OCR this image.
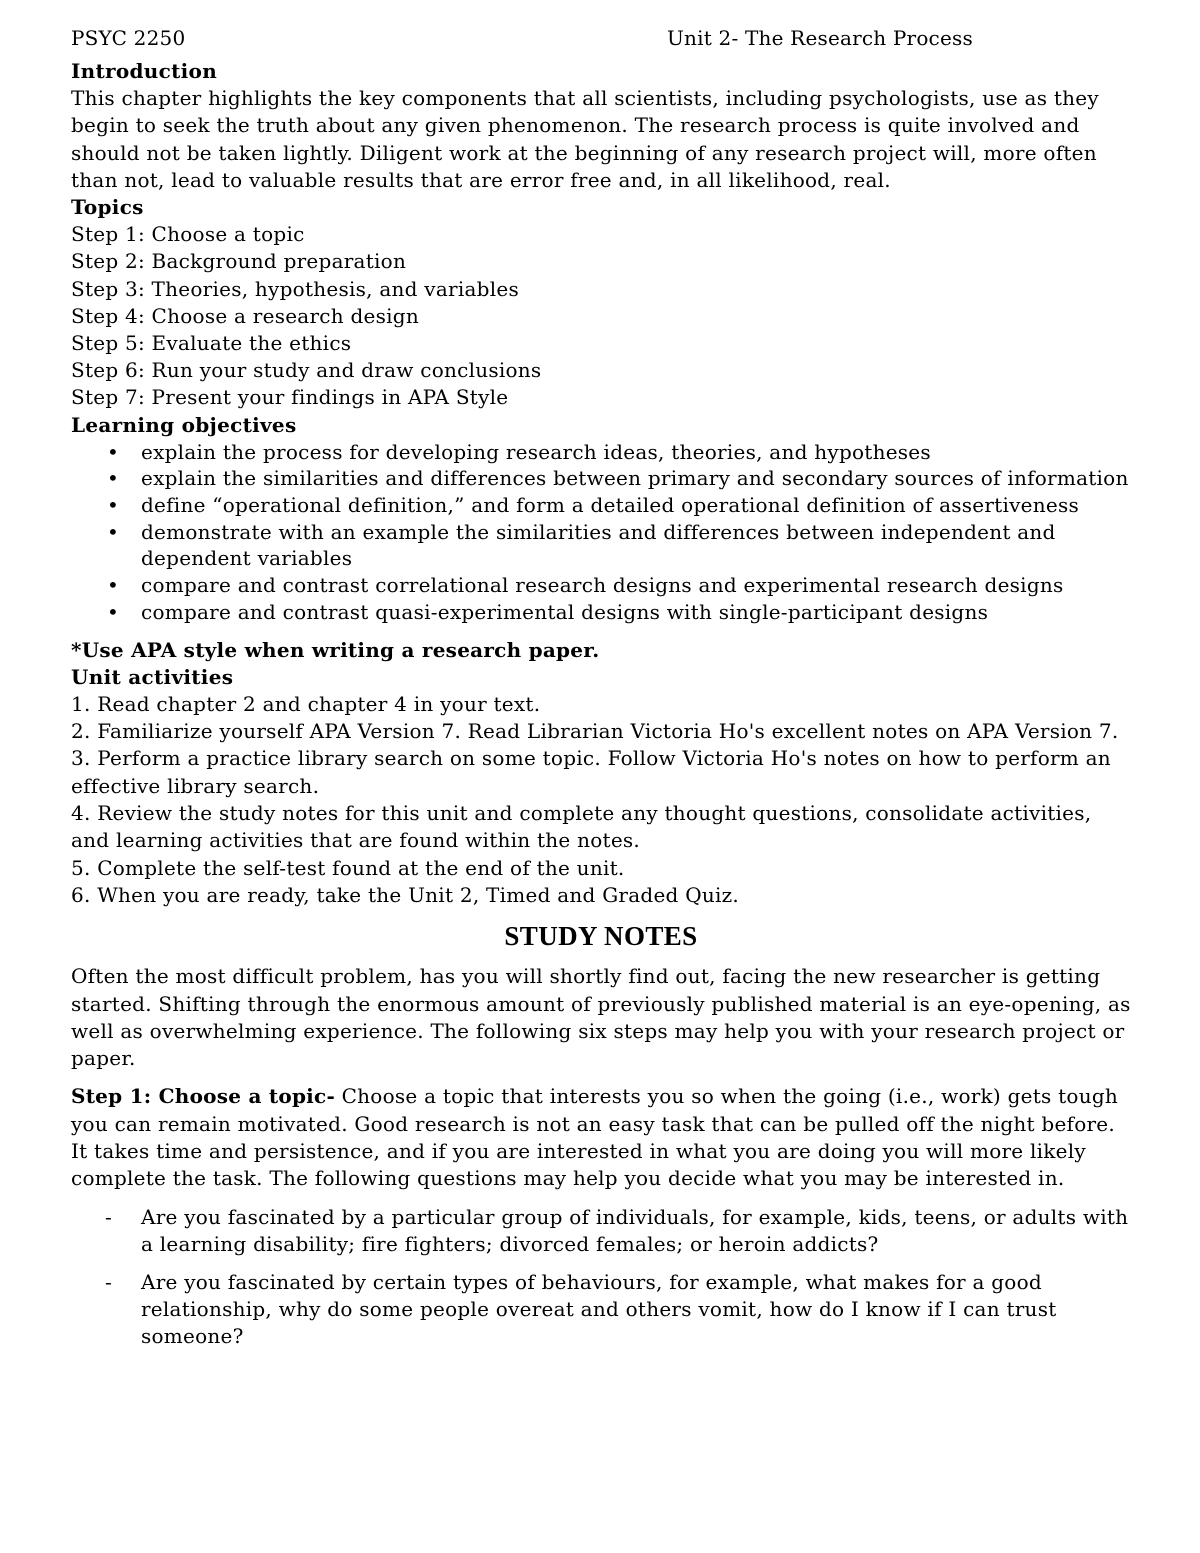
PSYC 2250	Unit 2- The Research Process
Introduction

This chapter highlights the key components that all scientists, including psychologists, use as they begin to seek the truth about any given phenomenon. The research process is quite involved and should not be taken lightly. Diligent work at the beginning of any research project will, more often than not, lead to valuable results that are error free and, in all likelihood, real.

Topics
Step 1: Choose a topic
Step 2: Background preparation
Step 3: Theories, hypothesis, and variables
Step 4: Choose a research design
Step 5: Evaluate the ethics
Step 6: Run your study and draw conclusions
Step 7: Present your findings in APA Style
Learning objectives
• explain the process for developing research ideas, theories, and hypotheses
• explain the similarities and differences between primary and secondary sources of information
• define “operational definition,” and form a detailed operational definition of assertiveness
• demonstrate with an example the similarities and differences between independent and dependent variables
• compare and contrast correlational research designs and experimental research designs
• compare and contrast quasi-experimental designs with single-participant designs

*Use APA style when writing a research paper.

Unit activities
1. Read chapter 2 and chapter 4 in your text.
2. Familiarize yourself APA Version 7. Read Librarian Victoria Ho's excellent notes on APA Version 7.
3. Perform a practice library search on some topic. Follow Victoria Ho's notes on how to perform an effective library search.
4. Review the study notes for this unit and complete any thought questions, consolidate activities, and learning activities that are found within the notes.
5. Complete the self-test found at the end of the unit.
6. When you are ready, take the Unit 2, Timed and Graded Quiz.
STUDY NOTES

Often the most difficult problem, has you will shortly find out, facing the new researcher is getting started. Shifting through the enormous amount of previously published material is an eye-opening, as well as overwhelming experience. The following six steps may help you with your research project or paper.

Step 1: Choose a topic- Choose a topic that interests you so when the going (i.e., work) gets tough you can remain motivated. Good research is not an easy task that can be pulled off the night before. It takes time and persistence, and if you are interested in what you are doing you will more likely complete the task. The following questions may help you decide what you may be interested in.

- Are you fascinated by a particular group of individuals, for example, kids, teens, or adults with a learning disability; fire fighters; divorced females; or heroin addicts?
- Are you fascinated by certain types of behaviours, for example, what makes for a good relationship, why do some people overeat and others vomit, how do I know if I can trust someone?
